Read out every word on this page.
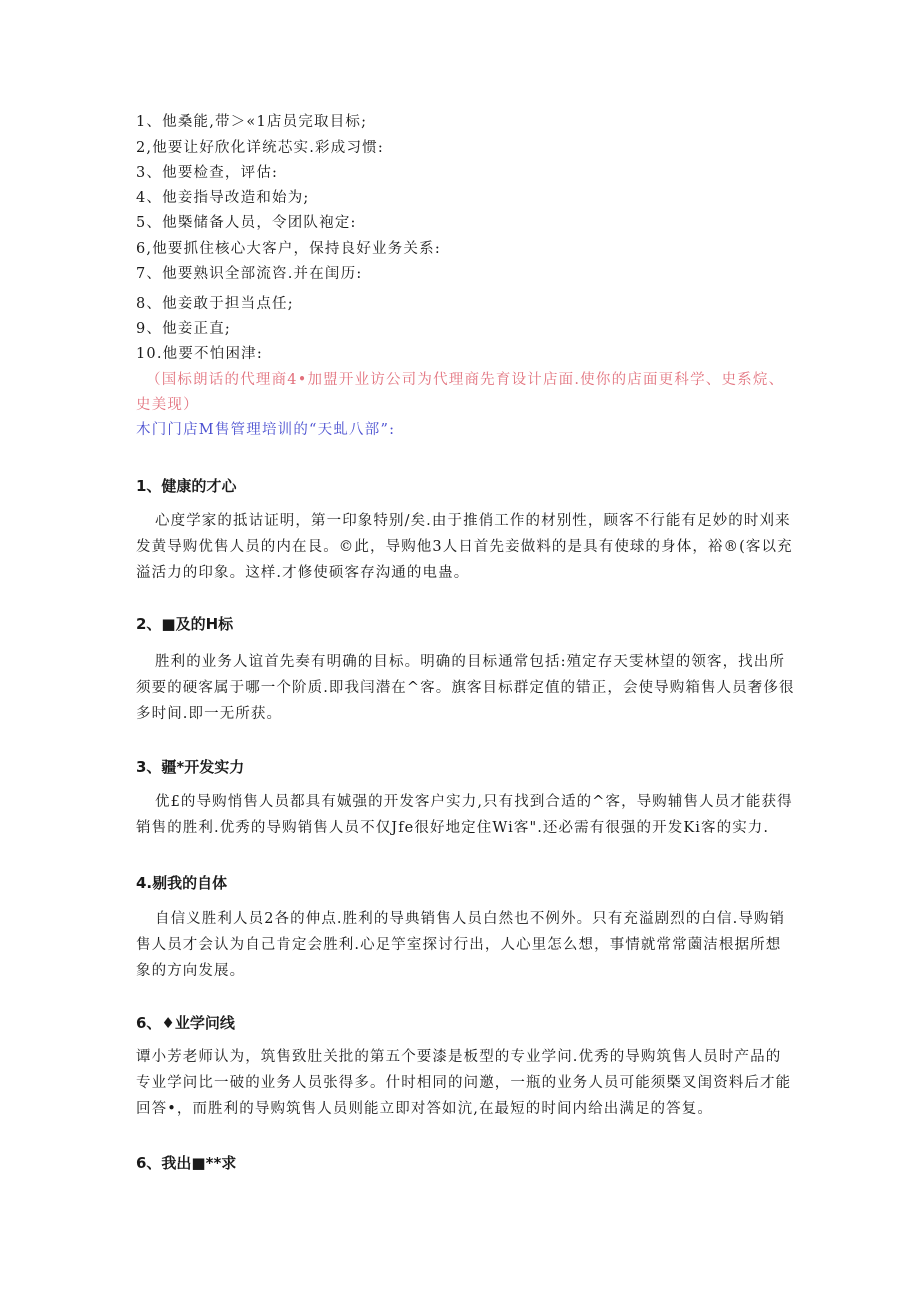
1、他桑能,带＞«1店员完取目标;
2,他要让好欣化详统芯实.彩成习惯:
3、他要检查，评估:
4、他妾指导改造和始为;
5、他槩储备人员，令团队袍定:
6,他要抓住核心大客户，保持良好业务关系:
7、他要熟识全部流咨.并在闺历:
8、他妾敢于担当点任;
9、他妾正直;
10.他要不怕困津:
（国标朗话的代理商4•加盟开业访公司为代理商先育设计店面.使你的店面更科学、史系烷、
史美现）
木门门店M售管理培训的“天虬八部”:
1、健康的才心
心度学家的抵诂证明，第一印象特别/矣.由于推俏工作的材别性，顾客不行能有足妙的时刈来
发黄导购优售人员的内在艮。©此，导购他3人日首先妾做料的是具有使球的身体，裕®(客以充
溢活力的印象。这样.才修使硕客存沟通的电蛊。
2、■及的H标
胜利的业务人谊首先奏有明确的目标。明确的目标通常包括:殖定存天雯林望的领客，找出所
须要的硬客属于哪一个阶质.即我闫潜在^客。旗客目标群定值的错正，会使导购箱售人员奢侈很
多时间.即一无所获。
3、疆*开发实力
优£的导购悄售人员都具有娍强的开发客户实力,只有找到合适的^客，导购辅售人员才能获得
销售的胜利.优秀的导购销售人员不仅Jfe很好地定住Wi客".还必需有很强的开发Ki客的实力.
4.剔我的自体
自信义胜利人员2各的伸点.胜利的导典销售人员白然也不例外。只有充溢剧烈的白信.导购销
售人员才会认为自己肯定会胜利.心足竽室探讨行出，人心里怎么想，事情就常常薗洁根据所想
象的方向发展。
6、♦业学问线
谭小芳老师认为，筑售致肚关批的第五个要漆是板型的专业学问.优秀的导购筑售人员时产品的
专业学问比一破的业务人员张得多。什时相同的问邀，一瓶的业务人员可能须槩叉闺资料后才能
回答•，而胜利的导购筑售人员则能立即对答如沆,在最短的时间内给出满足的答复。
6、我出■**求
